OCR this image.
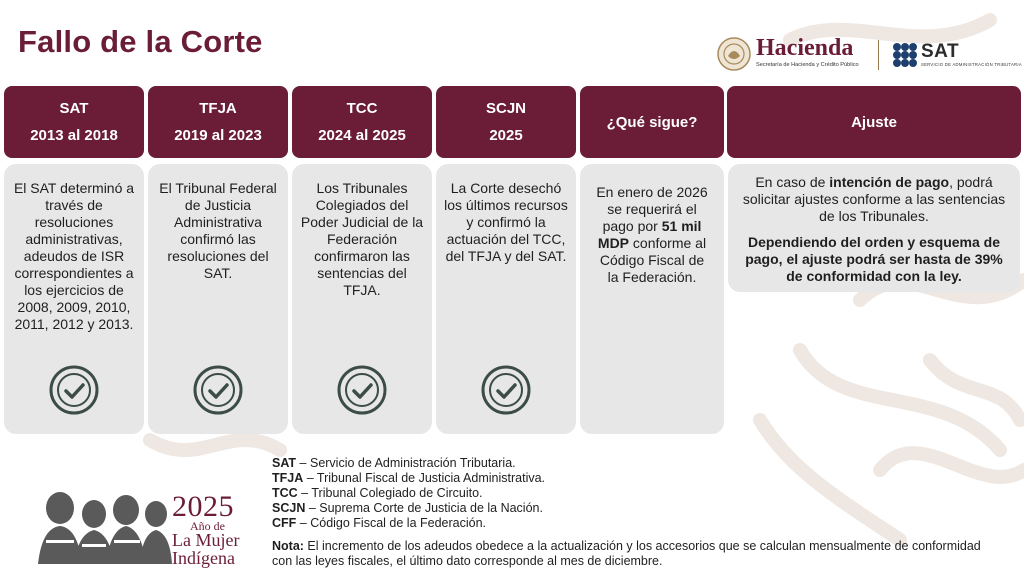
Fallo de la Corte	Hacienda
Secretaría de Hacienda y Crédito Público
SAT
SERVICIO DE ADMINISTRACIÓN TRIBUTARIA
SAT
2013 al 2018
El SAT determinó a través de resoluciones administrativas, adeudos de ISR correspondientes a los ejercicios de 2008, 2009, 2010, 2011, 2012 y 2013.
TFJA
2019 al 2023
El Tribunal Federal de Justicia Administrativa confirmó las resoluciones del SAT.
TCC
2024 al 2025
Los Tribunales Colegiados del Poder Judicial de la Federación confirmaron las sentencias del TFJA.
SCJN
2025
La Corte desechó los últimos recursos y confirmó la actuación del TCC, del TFJA y del SAT.
¿Qué sigue?
En enero de 2026 se requerirá el pago por 51 mil MDP conforme al Código Fiscal de la Federación.
Ajuste

En caso de intención de pago, podrá solicitar ajustes conforme a las sentencias de los Tribunales.

Dependiendo del orden y esquema de pago, el ajuste podrá ser hasta de 39% de conformidad con la ley.

2025
Año de
La Mujer
Indígena
SAT – Servicio de Administración Tributaria.
TFJA – Tribunal Fiscal de Justicia Administrativa.
TCC – Tribunal Colegiado de Circuito.
SCJN – Suprema Corte de Justicia de la Nación.
CFF – Código Fiscal de la Federación.
Nota: El incremento de los adeudos obedece a la actualización y los accesorios que se calculan mensualmente de conformidad con las leyes fiscales, el último dato corresponde al mes de diciembre.
